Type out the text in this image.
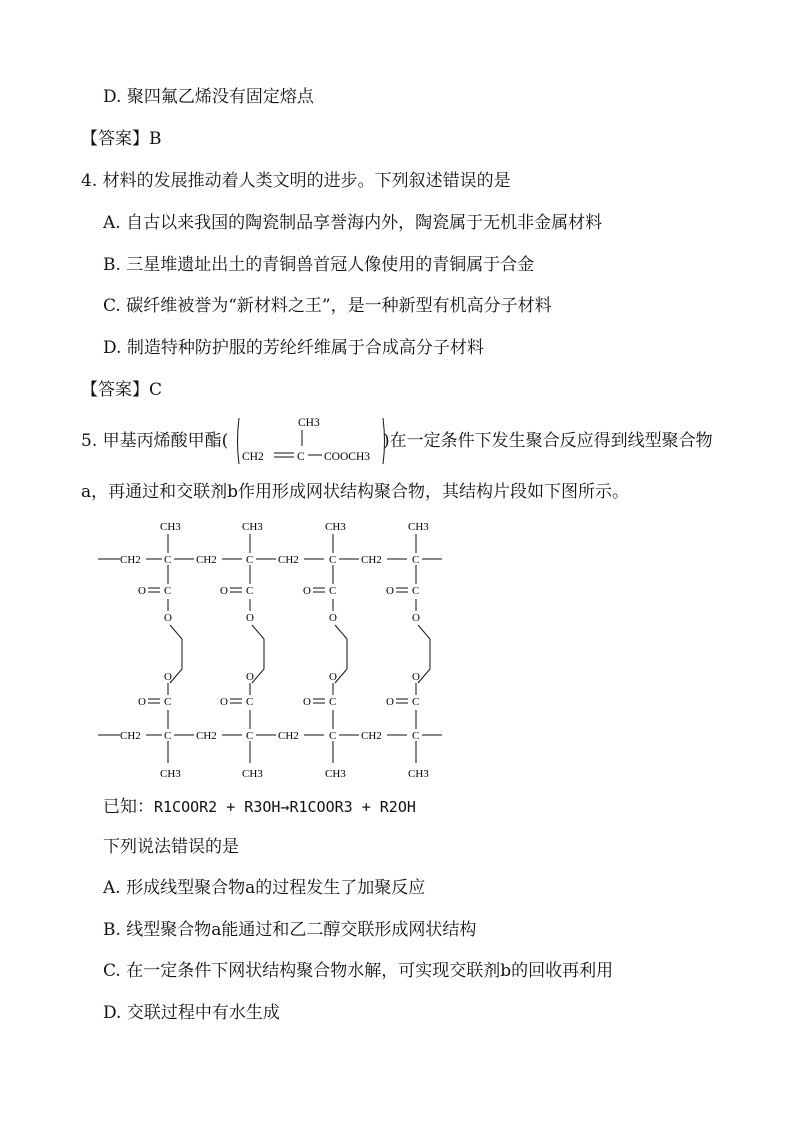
D. 聚四氟乙烯没有固定熔点
【答案】B
4. 材料的发展推动着人类文明的进步。下列叙述错误的是
A. 自古以来我国的陶瓷制品享誉海内外，陶瓷属于无机非金属材料
B. 三星堆遗址出土的青铜兽首冠人像使用的青铜属于合金
C. 碳纤维被誉为“新材料之王”，是一种新型有机高分子材料
D. 制造特种防护服的芳纶纤维属于合成高分子材料
【答案】C
5. 甲基丙烯酸甲酯(
CH3
CH2	C COOCH3
)在一定条件下发生聚合反应得到线型聚合物
a，再通过和交联剂b作用形成网状结构聚合物，其结构片段如下图所示。
C
CH3
CH2
C
O
O
O
C
O
C
CH3
CH2
C
CH3
CH2
C
O
O
O
C
O
C
CH3
CH2
C
CH3
CH2
C
O
O
O
C
O
C
CH3
CH2
C
CH3
C
O
O
O
C
O
C
CH3
CH2
CH2
已知：R1COOR2 + R3OH→R1COOR3 + R2OH
下列说法错误的是
A. 形成线型聚合物a的过程发生了加聚反应
B. 线型聚合物a能通过和乙二醇交联形成网状结构
C. 在一定条件下网状结构聚合物水解，可实现交联剂b的回收再利用
D. 交联过程中有水生成
